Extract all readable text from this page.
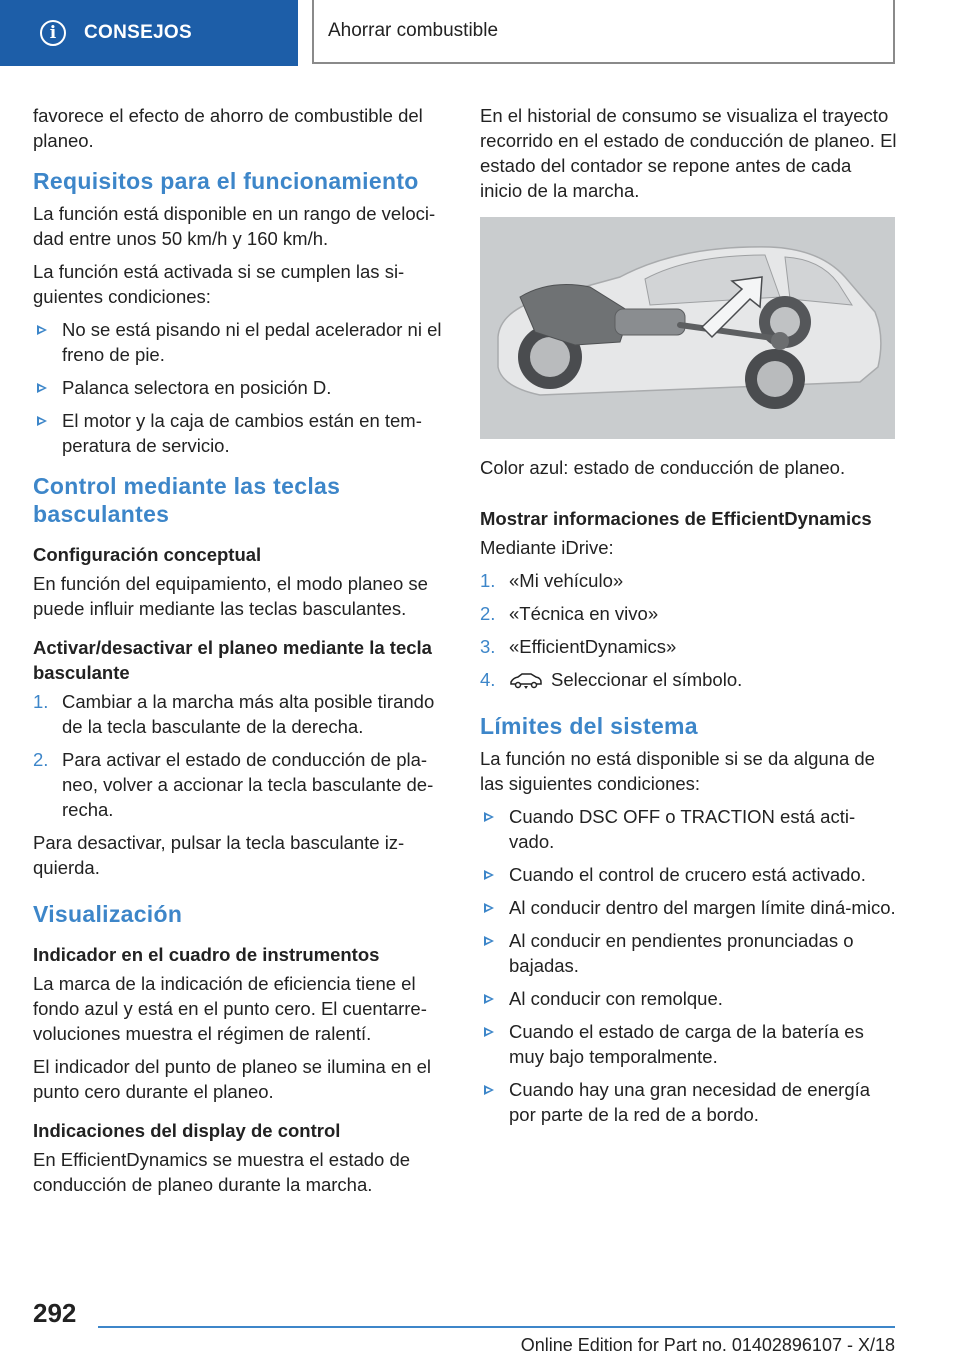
i	CONSEJOS	Ahorrar combustible

favorece el efecto de ahorro de combustible del planeo.

Requisitos para el funcionamiento

La función está disponible en un rango de veloci-dad entre unos 50 km/h y 160 km/h.

La función está activada si se cumplen las si-guientes condiciones:

No se está pisando ni el pedal acelerador ni el freno de pie.
Palanca selectora en posición D.
El motor y la caja de cambios están en tem-peratura de servicio.
Control mediante las teclas basculantes
Configuración conceptual

En función del equipamiento, el modo planeo se puede influir mediante las teclas basculantes.

Activar/desactivar el planeo mediante la tecla basculante
1. Cambiar a la marcha más alta posible tirando de la tecla basculante de la derecha.
2. Para activar el estado de conducción de pla-neo, volver a accionar la tecla basculante de-recha.

Para desactivar, pulsar la tecla basculante iz-quierda.

Visualización
Indicador en el cuadro de instrumentos

La marca de la indicación de eficiencia tiene el fondo azul y está en el punto cero. El cuentarre-voluciones muestra el régimen de ralentí.

El indicador del punto de planeo se ilumina en el punto cero durante el planeo.

Indicaciones del display de control

En EfficientDynamics se muestra el estado de conducción de planeo durante la marcha.

En el historial de consumo se visualiza el trayecto recorrido en el estado de conducción de planeo. El estado del contador se repone antes de cada inicio de la marcha.

Color azul: estado de conducción de planeo.

Mostrar informaciones de EfficientDynamics

Mediante iDrive:

1. «Mi vehículo»
2. «Técnica en vivo»
3. «EfficientDynamics»
4.	Seleccionar el símbolo.
Límites del sistema

La función no está disponible si se da alguna de las siguientes condiciones:

Cuando DSC OFF o TRACTION está acti-vado.
Cuando el control de crucero está activado.
Al conducir dentro del margen límite diná-mico.
Al conducir en pendientes pronunciadas o bajadas.
Al conducir con remolque.
Cuando el estado de carga de la batería es muy bajo temporalmente.
Cuando hay una gran necesidad de energía por parte de la red de a bordo.
292
Online Edition for Part no. 01402896107 - X/18
